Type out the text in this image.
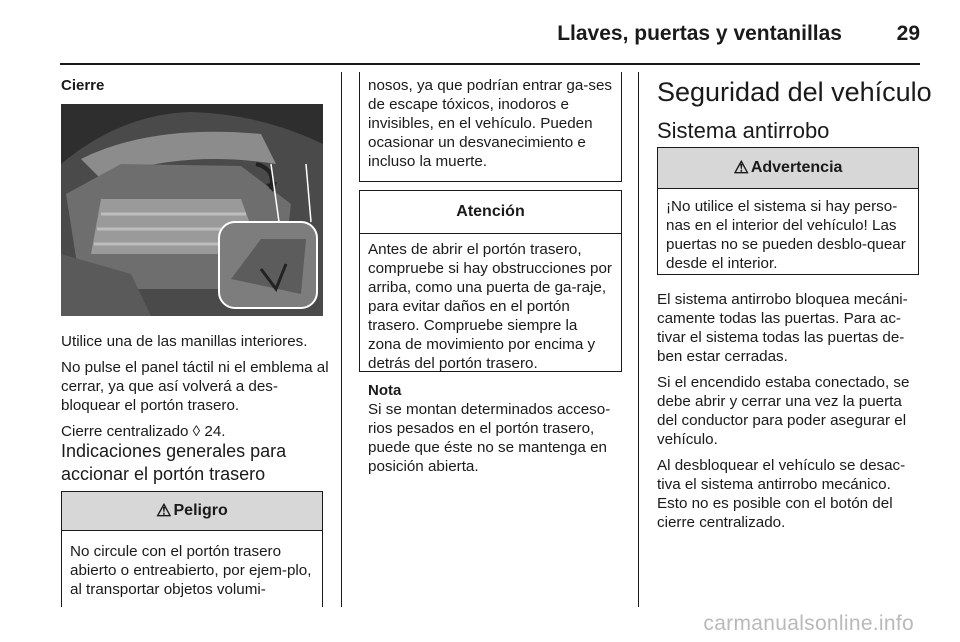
Llaves, puertas y ventanillas	29
Cierre

Utilice una de las manillas interiores.

No pulse el panel táctil ni el emblema al cerrar, ya que así volverá a des-bloquear el portón trasero.

Cierre centralizado ◊ 24.

Indicaciones generales para accionar el portón trasero
⚠ Peligro
No circule con el portón trasero abierto o entreabierto, por ejem-plo, al transportar objetos volumi-
nosos, ya que podrían entrar ga-ses de escape tóxicos, inodoros e invisibles, en el vehículo. Pueden ocasionar un desvanecimiento e incluso la muerte.
Atención
Antes de abrir el portón trasero, compruebe si hay obstrucciones por arriba, como una puerta de ga-raje, para evitar daños en el portón trasero. Compruebe siempre la zona de movimiento por encima y detrás del portón trasero.
Nota
Si se montan determinados acceso-rios pesados en el portón trasero, puede que éste no se mantenga en posición abierta.
Seguridad del vehículo
Sistema antirrobo
⚠ Advertencia
¡No utilice el sistema si hay perso-nas en el interior del vehículo! Las puertas no se pueden desblo-quear desde el interior.

El sistema antirrobo bloquea mecáni-camente todas las puertas. Para ac-tivar el sistema todas las puertas de-ben estar cerradas.

Si el encendido estaba conectado, se debe abrir y cerrar una vez la puerta del conductor para poder asegurar el vehículo.

Al desbloquear el vehículo se desac-tiva el sistema antirrobo mecánico. Esto no es posible con el botón del cierre centralizado.

carmanualsonline.info
